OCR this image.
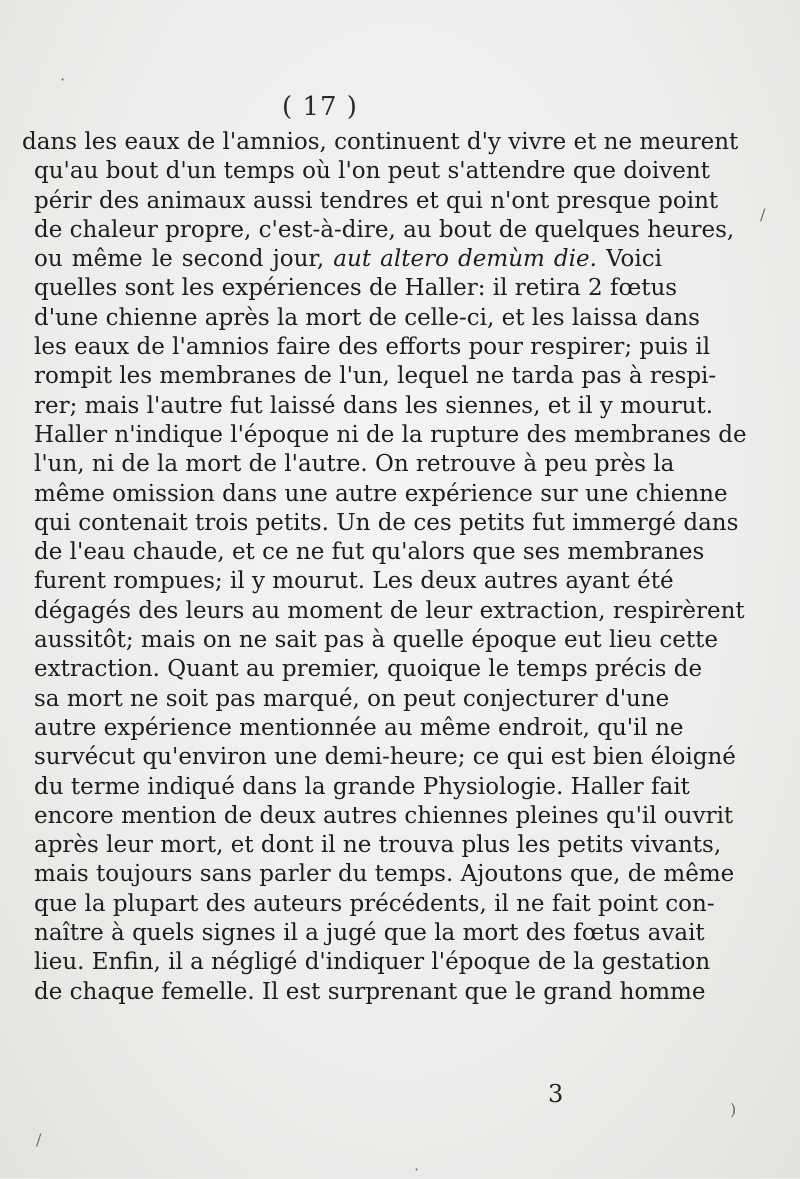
( 17 )
dans les eaux de l'amnios, continuent d'y vivre et ne meurent
qu'au bout d'un temps où l'on peut s'attendre que doivent
périr des animaux aussi tendres et qui n'ont presque point
de chaleur propre, c'est-à-dire, au bout de quelques heures,
ou même le second jour, aut altero demùm die. Voici
quelles sont les expériences de Haller: il retira 2 fœtus
d'une chienne après la mort de celle-ci, et les laissa dans
les eaux de l'amnios faire des efforts pour respirer; puis il
rompit les membranes de l'un, lequel ne tarda pas à respi-
rer; mais l'autre fut laissé dans les siennes, et il y mourut.
Haller n'indique l'époque ni de la rupture des membranes de
l'un, ni de la mort de l'autre. On retrouve à peu près la
même omission dans une autre expérience sur une chienne
qui contenait trois petits. Un de ces petits fut immergé dans
de l'eau chaude, et ce ne fut qu'alors que ses membranes
furent rompues; il y mourut. Les deux autres ayant été
dégagés des leurs au moment de leur extraction, respirèrent
aussitôt; mais on ne sait pas à quelle époque eut lieu cette
extraction. Quant au premier, quoique le temps précis de
sa mort ne soit pas marqué, on peut conjecturer d'une
autre expérience mentionnée au même endroit, qu'il ne
survécut qu'environ une demi-heure; ce qui est bien éloigné
du terme indiqué dans la grande Physiologie. Haller fait
encore mention de deux autres chiennes pleines qu'il ouvrit
après leur mort, et dont il ne trouva plus les petits vivants,
mais toujours sans parler du temps. Ajoutons que, de même
que la plupart des auteurs précédents, il ne fait point con-
naître à quels signes il a jugé que la mort des fœtus avait
lieu. Enfin, il a négligé d'indiquer l'époque de la gestation
de chaque femelle. Il est surprenant que le grand homme
3
·
/
/
)
·
